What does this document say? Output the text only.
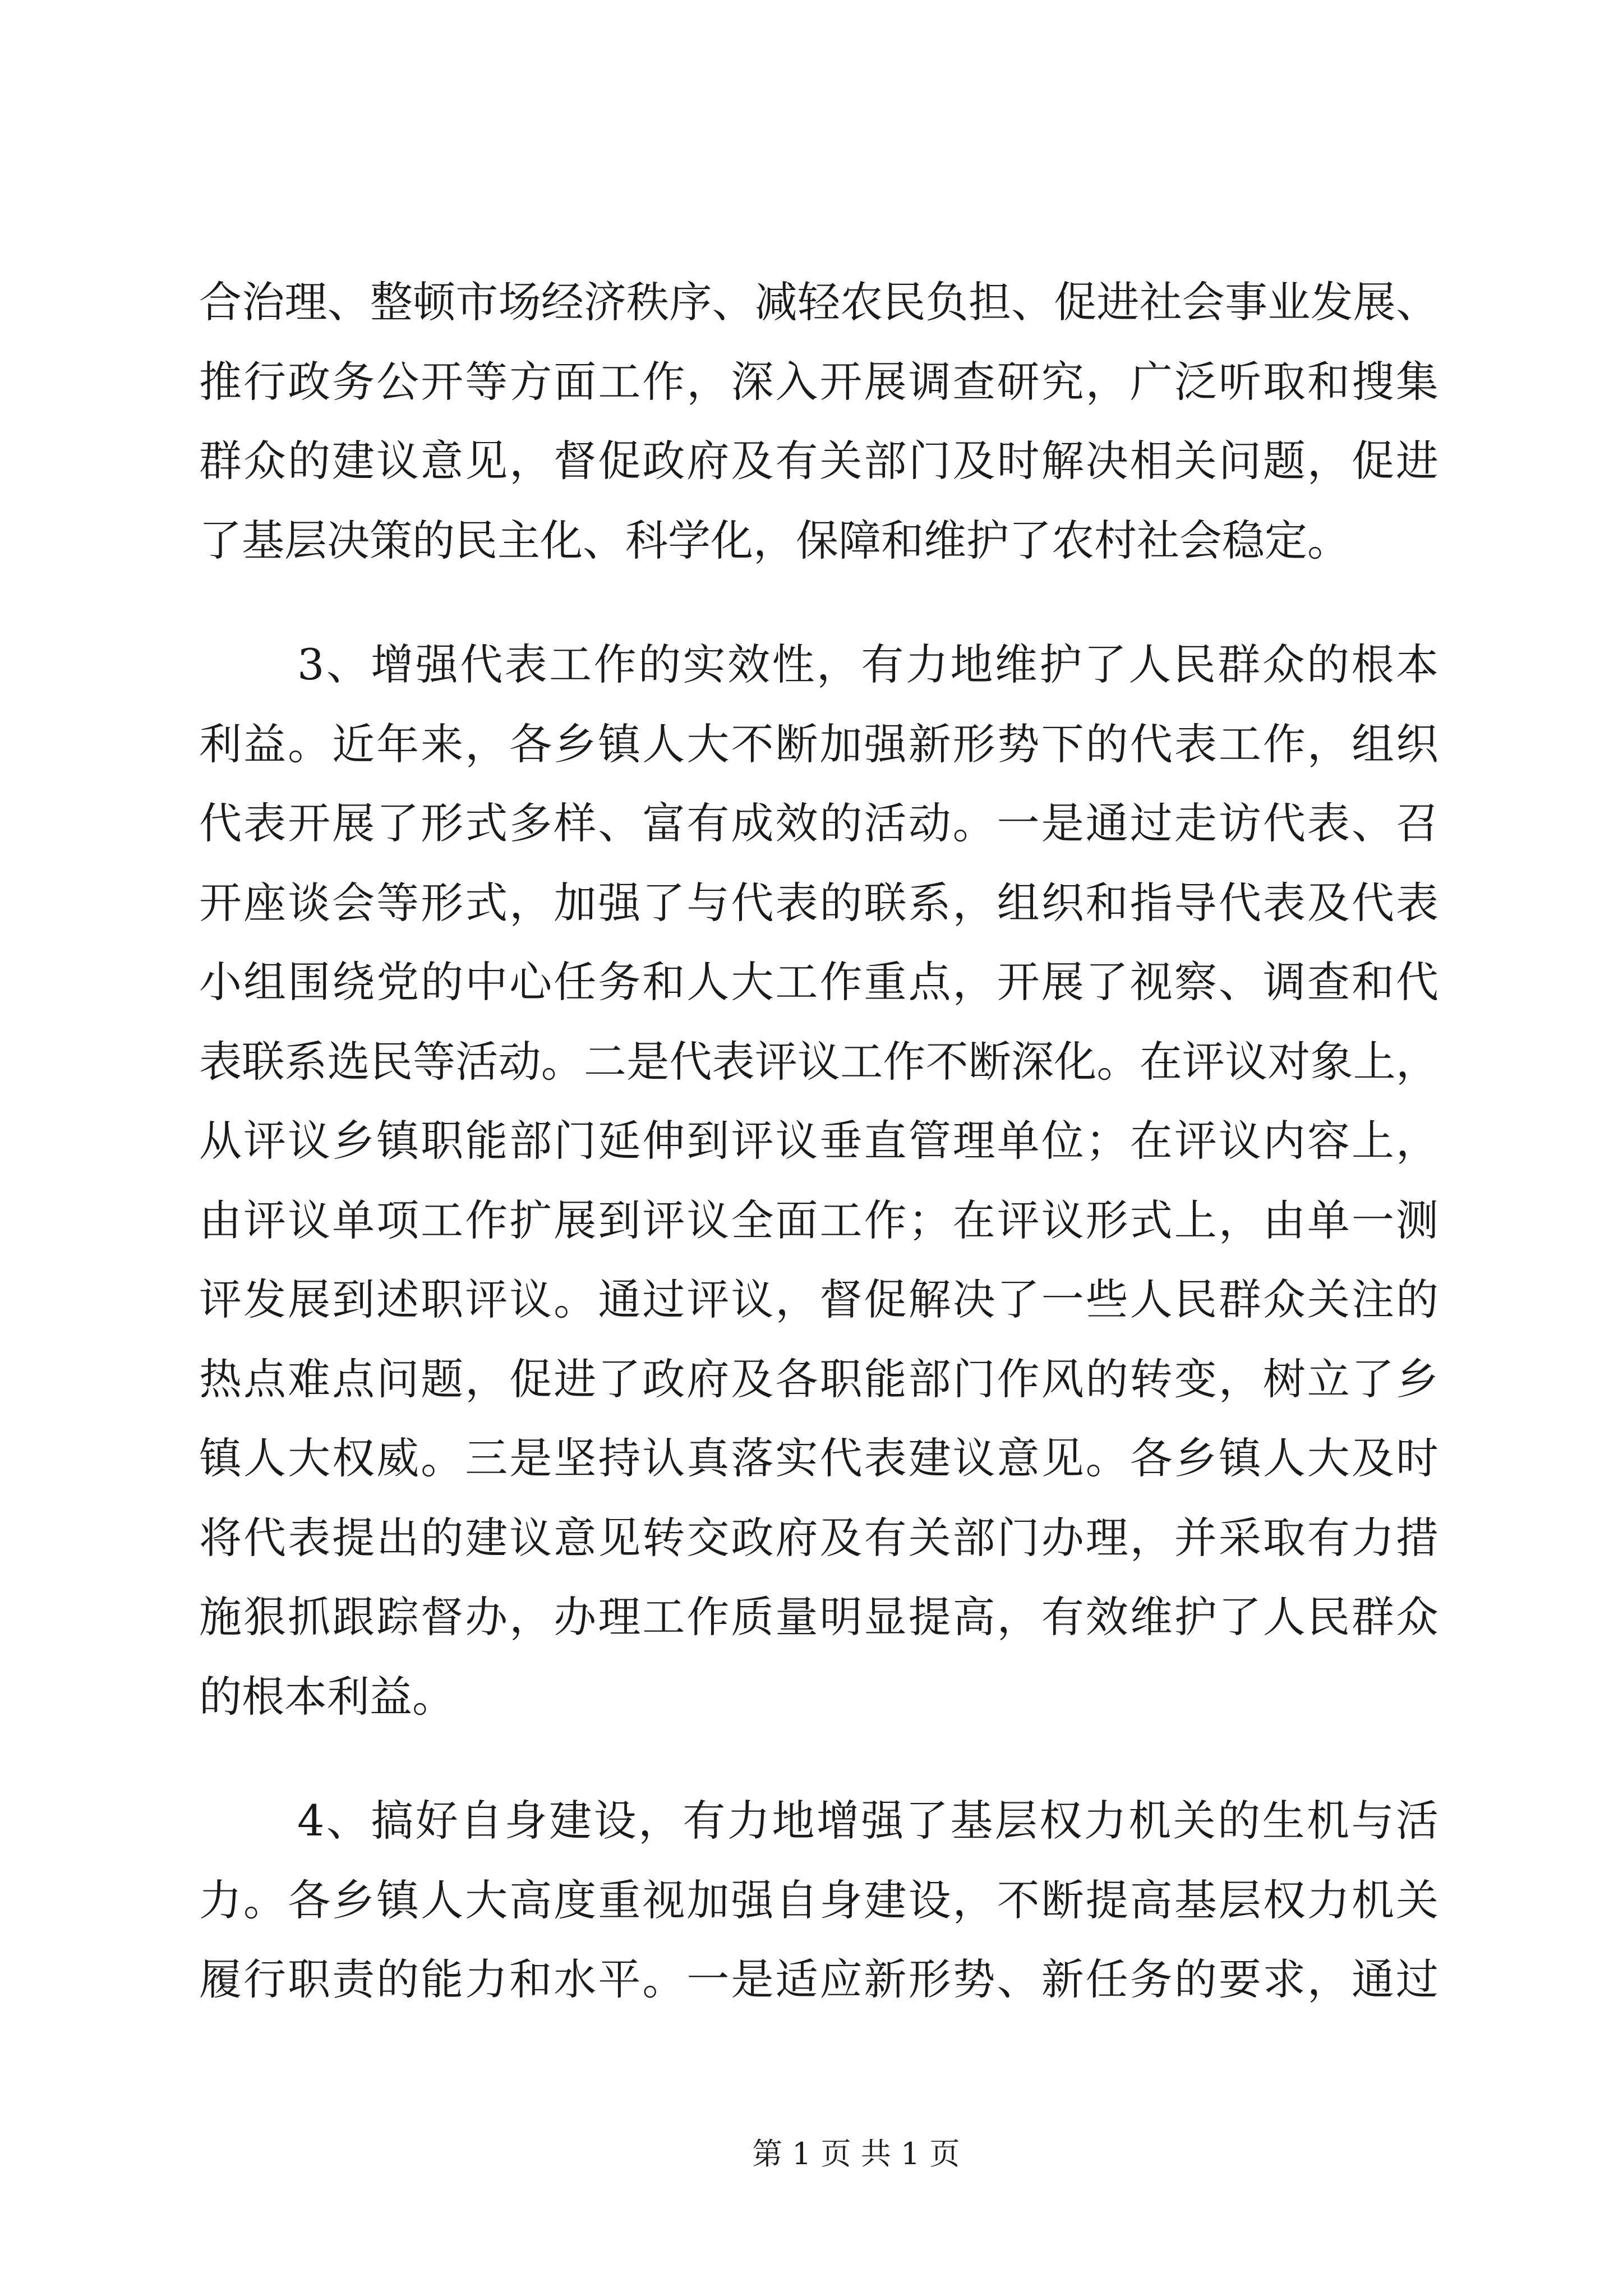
合治理、整顿市场经济秩序、减轻农民负担、促进社会事业发展、
推行政务公开等方面工作，深入开展调查研究，广泛听取和搜集
群众的建议意见，督促政府及有关部门及时解决相关问题，促进
了基层决策的民主化、科学化，保障和维护了农村社会稳定。
3、增强代表工作的实效性，有力地维护了人民群众的根本
利益。近年来，各乡镇人大不断加强新形势下的代表工作，组织
代表开展了形式多样、富有成效的活动。一是通过走访代表、召
开座谈会等形式，加强了与代表的联系，组织和指导代表及代表
小组围绕党的中心任务和人大工作重点，开展了视察、调查和代
表联系选民等活动。二是代表评议工作不断深化。在评议对象上，
从评议乡镇职能部门延伸到评议垂直管理单位；在评议内容上，
由评议单项工作扩展到评议全面工作；在评议形式上，由单一测
评发展到述职评议。通过评议，督促解决了一些人民群众关注的
热点难点问题，促进了政府及各职能部门作风的转变，树立了乡
镇人大权威。三是坚持认真落实代表建议意见。各乡镇人大及时
将代表提出的建议意见转交政府及有关部门办理，并采取有力措
施狠抓跟踪督办，办理工作质量明显提高，有效维护了人民群众
的根本利益。
4、搞好自身建设，有力地增强了基层权力机关的生机与活
力。各乡镇人大高度重视加强自身建设，不断提高基层权力机关
履行职责的能力和水平。一是适应新形势、新任务的要求，通过
第 1 页 共 1 页
